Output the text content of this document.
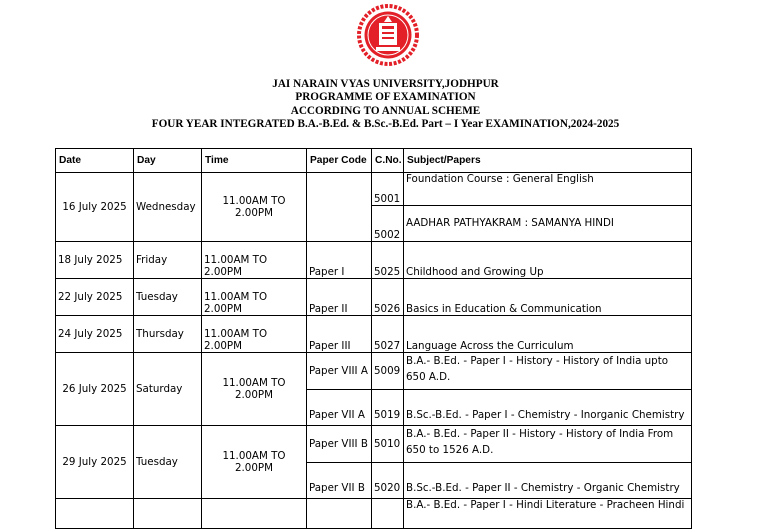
JAI NARAIN VYAS UNIVERSITY,JODHPUR
PROGRAMME OF EXAMINATION
ACCORDING TO ANNUAL SCHEME
FOUR YEAR INTEGRATED B.A.-B.Ed. & B.Sc.-B.Ed. Part – I Year EXAMINATION,2024-2025
Date	Day	Time	Paper Code	C.No.	Subject/Papers
16 July 2025	Wednesday	11.00AM TO 2.00PM		5001	Foundation Course : General English
				5002	AADHAR PATHYAKRAM : SAMANYA HINDI
18 July 2025	Friday	11.00AM TO 2.00PM	Paper I	5025	Childhood and Growing Up
22 July 2025	Tuesday	11.00AM TO 2.00PM	Paper II	5026	Basics in Education & Communication
24 July 2025	Thursday	11.00AM TO 2.00PM	Paper III	5027	Language Across the Curriculum
26 July 2025	Saturday	11.00AM TO 2.00PM	Paper VIII A	5009	B.A.- B.Ed. - Paper I - History - History of India upto 650 A.D.
			Paper VII A	5019	B.Sc.-B.Ed. - Paper I - Chemistry - Inorganic Chemistry
29 July 2025	Tuesday	11.00AM TO 2.00PM	Paper VIII B	5010	B.A.- B.Ed. - Paper II - History - History of India From 650 to 1526 A.D.
			Paper VII B	5020	B.Sc.-B.Ed. - Paper II - Chemistry - Organic Chemistry
					B.A.- B.Ed. - Paper I - Hindi Literature - Pracheen Hindi
